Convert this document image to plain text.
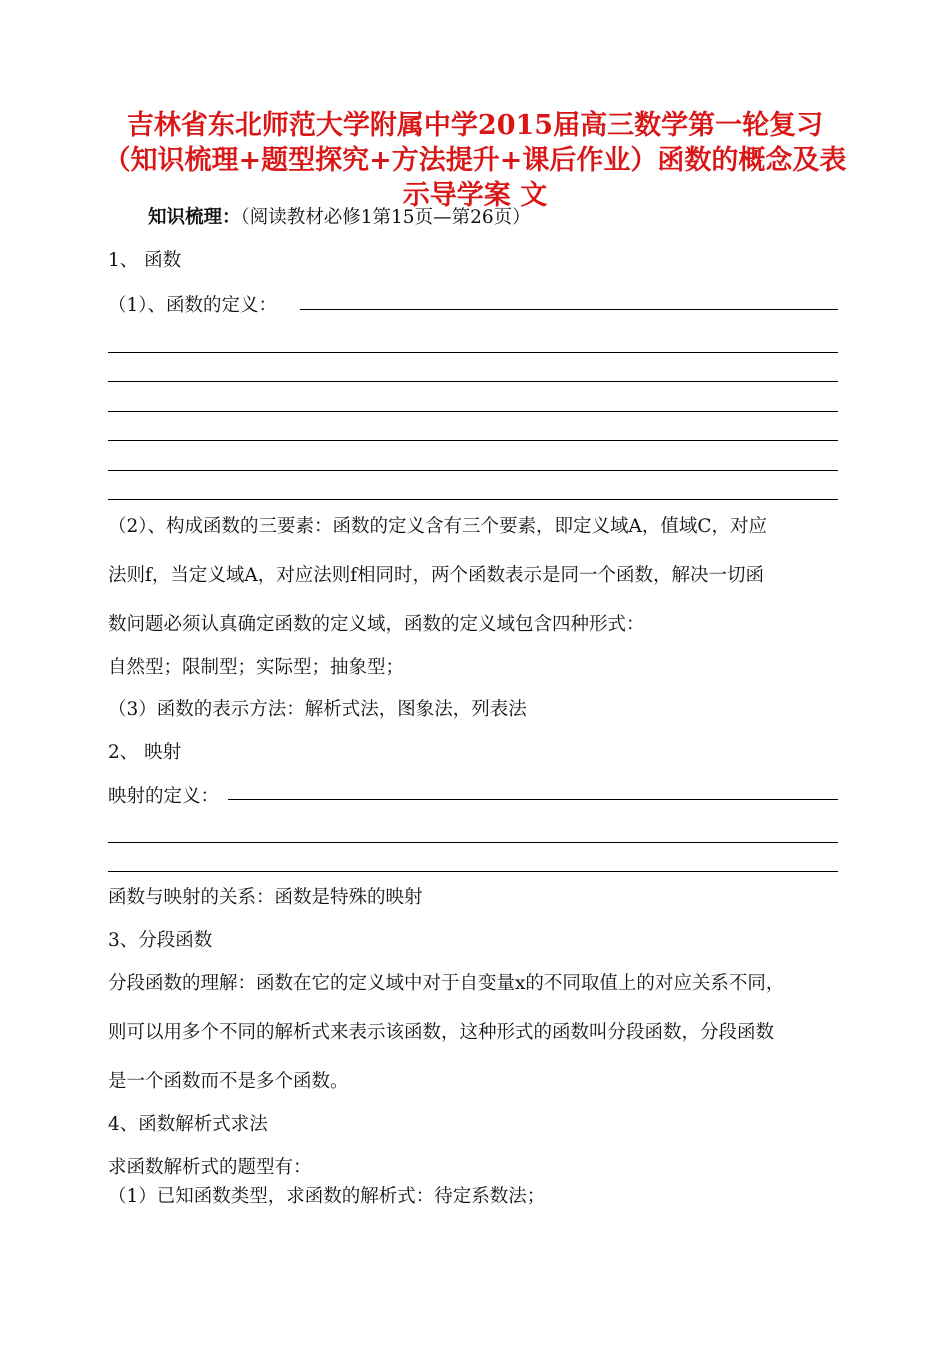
吉林省东北师范大学附属中学2015届高三数学第一轮复习（知识梳理+题型探究+方法提升+课后作业）函数的概念及表示导学案 文
知识梳理：（阅读教材必修1第15页—第26页）
1、 函数
（1）、函数的定义：
（2）、构成函数的三要素：函数的定义含有三个要素，即定义域A，值域C，对应
法则f，当定义域A，对应法则f相同时，两个函数表示是同一个函数，解决一切函
数问题必须认真确定函数的定义域，函数的定义域包含四种形式：
自然型；限制型；实际型；抽象型；
（3）函数的表示方法：解析式法，图象法，列表法
2、 映射
映射的定义：
函数与映射的关系：函数是特殊的映射
3、分段函数
分段函数的理解：函数在它的定义域中对于自变量x的不同取值上的对应关系不同，
则可以用多个不同的解析式来表示该函数，这种形式的函数叫分段函数，分段函数
是一个函数而不是多个函数。
4、函数解析式求法
求函数解析式的题型有：
（1）已知函数类型，求函数的解析式：待定系数法；
